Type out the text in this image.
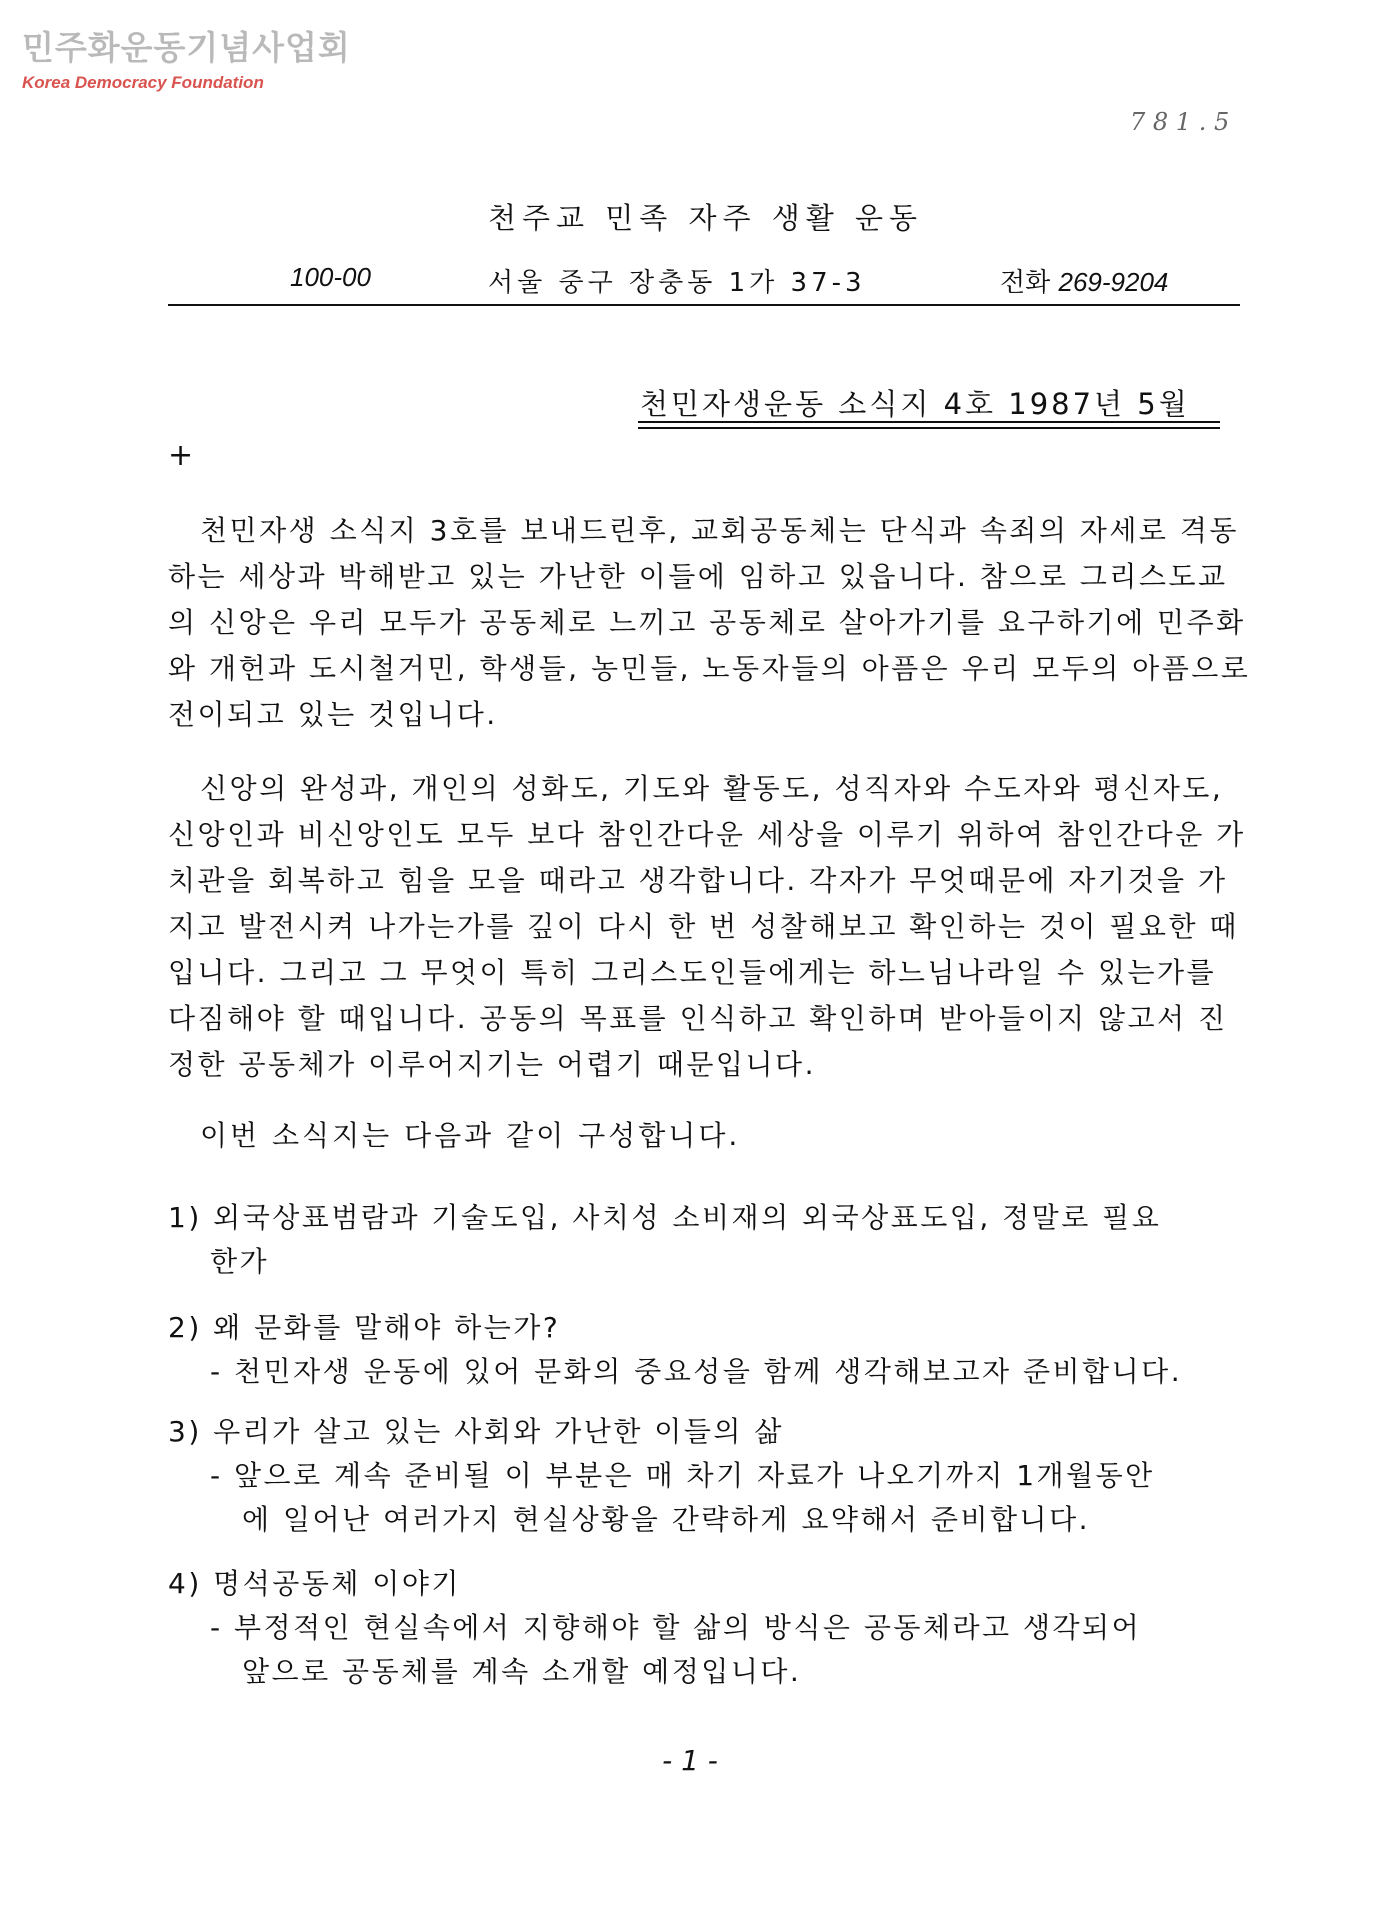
민주화운동기념사업회
Korea Democracy Foundation
7 8 1 . 5
천주교 민족 자주 생활 운동
100-00	서울 중구 장충동 1가 37-3	전화 269-9204
천민자생운동 소식지 4호 1987년 5월
+
천민자생 소식지 3호를 보내드린후, 교회공동체는 단식과 속죄의 자세로 격동하는 세상과 박해받고 있는 가난한 이들에 임하고 있읍니다. 참으로 그리스도교의 신앙은 우리 모두가 공동체로 느끼고 공동체로 살아가기를 요구하기에 민주화와 개헌과 도시철거민, 학생들, 농민들, 노동자들의 아픔은 우리 모두의 아픔으로 전이되고 있는 것입니다.
신앙의 완성과, 개인의 성화도, 기도와 활동도, 성직자와 수도자와 평신자도, 신앙인과 비신앙인도 모두 보다 참인간다운 세상을 이루기 위하여 참인간다운 가치관을 회복하고 힘을 모을 때라고 생각합니다. 각자가 무엇때문에 자기것을 가지고 발전시켜 나가는가를 깊이 다시 한 번 성찰해보고 확인하는 것이 필요한 때입니다. 그리고 그 무엇이 특히 그리스도인들에게는 하느님나라일 수 있는가를 다짐해야 할 때입니다. 공동의 목표를 인식하고 확인하며 받아들이지 않고서 진정한 공동체가 이루어지기는 어렵기 때문입니다.
이번 소식지는 다음과 같이 구성합니다.
1) 외국상표범람과 기술도입, 사치성 소비재의 외국상표도입, 정말로 필요
한가
2) 왜 문화를 말해야 하는가?
- 천민자생 운동에 있어 문화의 중요성을 함께 생각해보고자 준비합니다.
3) 우리가 살고 있는 사회와 가난한 이들의 삶
- 앞으로 계속 준비될 이 부분은 매 차기 자료가 나오기까지 1개월동안
에 일어난 여러가지 현실상황을 간략하게 요약해서 준비합니다.
4) 명석공동체 이야기
- 부정적인 현실속에서 지향해야 할 삶의 방식은 공동체라고 생각되어
앞으로 공동체를 계속 소개할 예정입니다.
- 1 -
